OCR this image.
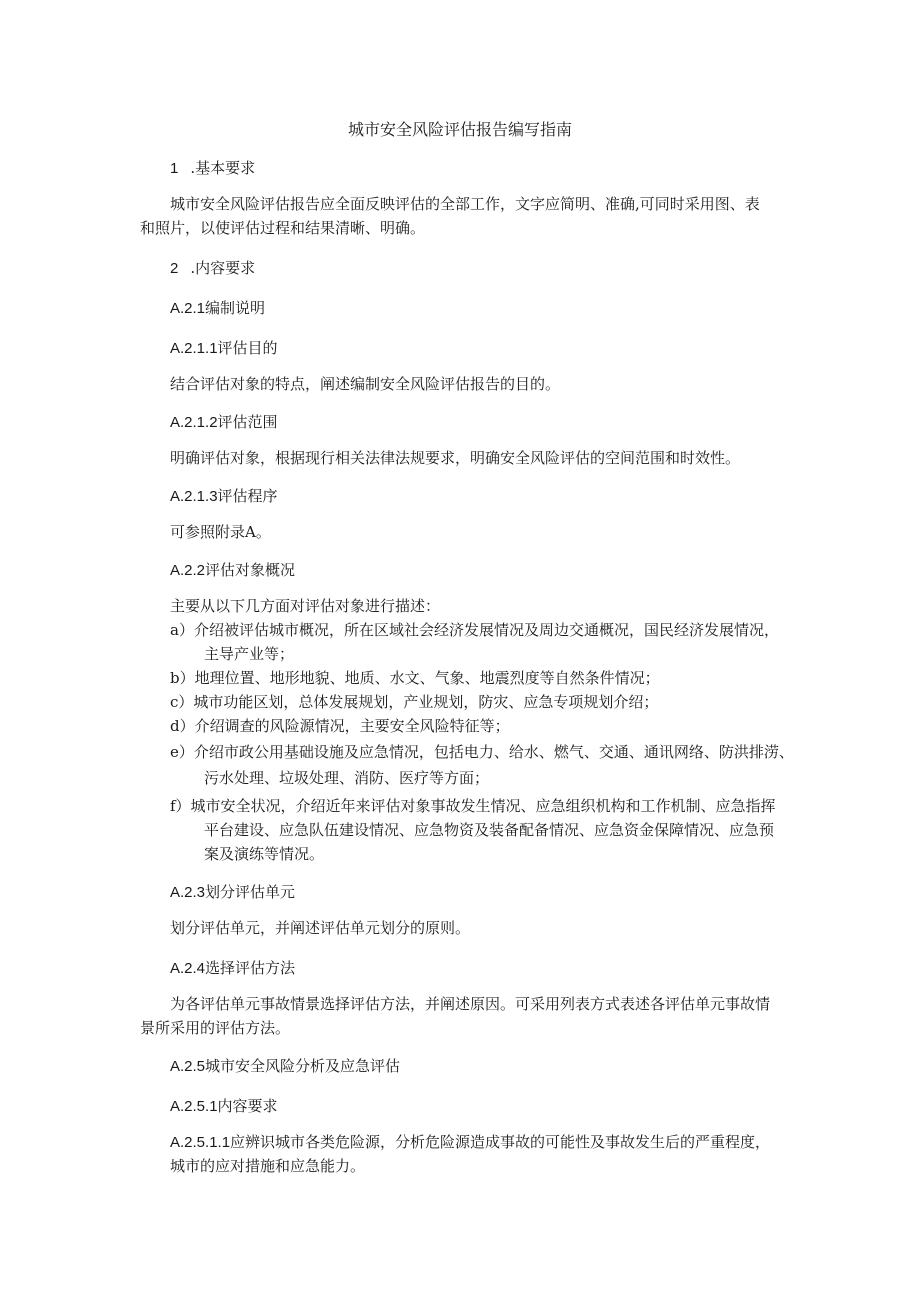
城市安全风险评估报告编写指南
1 .基本要求
城市安全风险评估报告应全面反映评估的全部工作，文字应简明、准确,可同时采用图、表
和照片，以使评估过程和结果清晰、明确。
2 .内容要求
A.2.1编制说明
A.2.1.1评估目的
结合评估对象的特点，阐述编制安全风险评估报告的目的。
A.2.1.2评估范围
明确评估对象，根据现行相关法律法规要求，明确安全风险评估的空间范围和时效性。
A.2.1.3评估程序
可参照附录A。
A.2.2评估对象概况
主要从以下几方面对评估对象进行描述：
a）介绍被评估城市概况，所在区域社会经济发展情况及周边交通概况，国民经济发展情况，
主导产业等；
b）地理位置、地形地貌、地质、水文、气象、地震烈度等自然条件情况；
c）城市功能区划，总体发展规划，产业规划，防灾、应急专项规划介绍；
d）介绍调查的风险源情况，主要安全风险特征等；
e）介绍市政公用基础设施及应急情况，包括电力、给水、燃气、交通、通讯网络、防洪排涝、
污水处理、垃圾处理、消防、医疗等方面；
f）城市安全状况，介绍近年来评估对象事故发生情况、应急组织机构和工作机制、应急指挥
平台建设、应急队伍建设情况、应急物资及装备配备情况、应急资金保障情况、应急预
案及演练等情况。
A.2.3划分评估单元
划分评估单元，并阐述评估单元划分的原则。
A.2.4选择评估方法
为各评估单元事故情景选择评估方法，并阐述原因。可采用列表方式表述各评估单元事故情
景所采用的评估方法。
A.2.5城市安全风险分析及应急评估
A.2.5.1内容要求
A.2.5.1.1应辨识城市各类危险源，分析危险源造成事故的可能性及事故发生后的严重程度，
城市的应对措施和应急能力。
